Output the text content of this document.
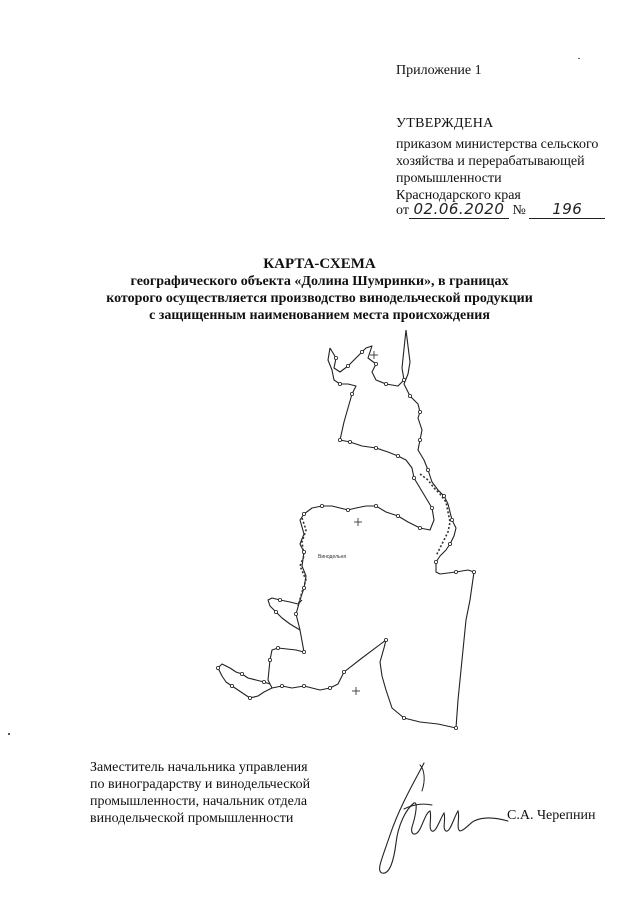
Приложение 1
УТВЕРЖДЕНА
приказом министерства сельского
хозяйства и перерабатывающей
промышленности
Краснодарского края
от 02.06.2020 № 196
КАРТА-СХЕМА
географического объекта «Долина Шумринки», в границах
которого осуществляется производство винодельческой продукции
с защищенным наименованием места происхождения
Винодельня
Заместитель начальника управления
по виноградарству и винодельческой
промышленности, начальник отдела
винодельческой промышленности	С.А. Черепнин
